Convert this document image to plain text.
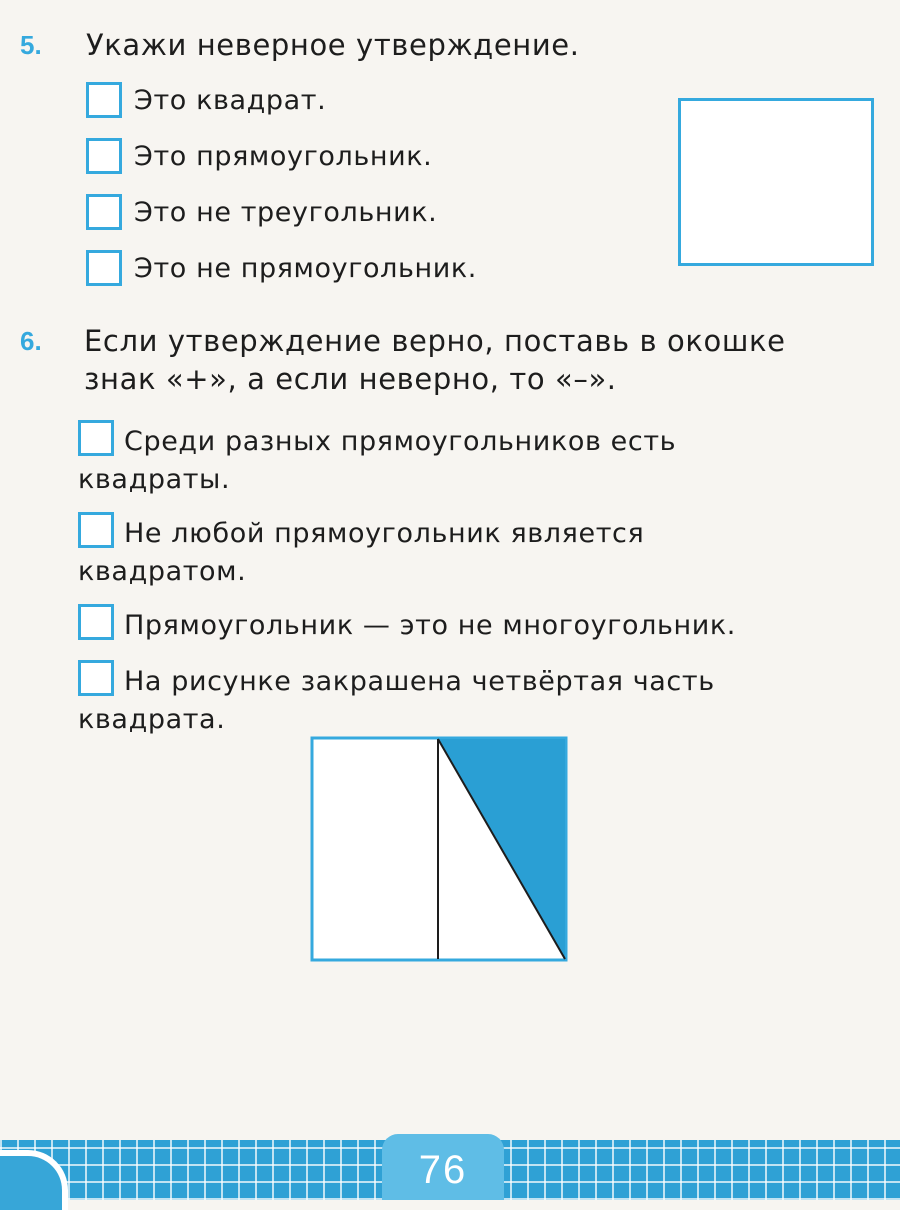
5. Укажи неверное утверждение.
Это квадрат.
Это прямоугольник.
Это не треугольник.
Это не прямоугольник.
6. Если утверждение верно, поставь в окошке
знак «+», а если неверно, то «–».
Среди разных прямоугольников есть
квадраты.
Не любой прямоугольник является
квадратом.
Прямоугольник — это не многоугольник.
На рисунке закрашена четвёртая часть
квадрата.
76
